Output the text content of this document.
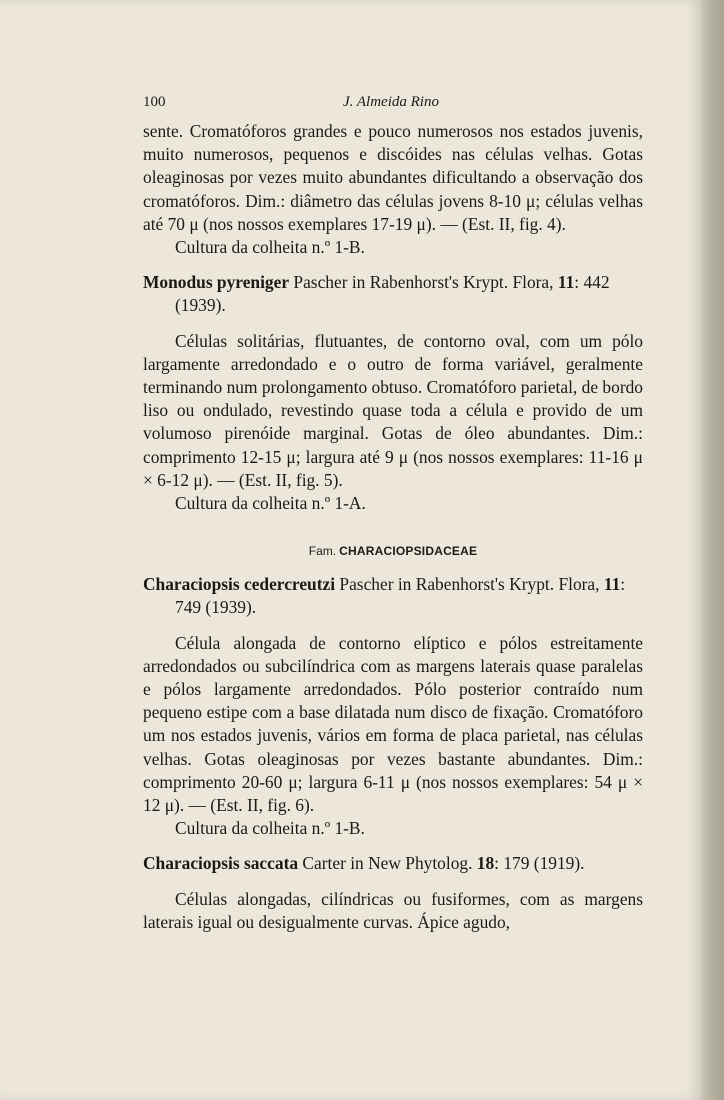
100	J. Almeida Rino

sente. Cromatóforos grandes e pouco numerosos nos estados juvenis, muito numerosos, pequenos e discóides nas células velhas. Gotas oleaginosas por vezes muito abundantes dificultando a observação dos cromatóforos. Dim.: diâmetro das células jovens 8-10 μ; células velhas até 70 μ (nos nossos exemplares 17-19 μ). — (Est. II, fig. 4).

Cultura da colheita n.º 1-B.

Monodus pyreniger Pascher in Rabenhorst's Krypt. Flora, 11: 442 (1939).

Células solitárias, flutuantes, de contorno oval, com um pólo largamente arredondado e o outro de forma variável, geralmente terminando num prolongamento obtuso. Cromatóforo parietal, de bordo liso ou ondulado, revestindo quase toda a célula e provido de um volumoso pirenóide marginal. Gotas de óleo abundantes. Dim.: comprimento 12-15 μ; largura até 9 μ (nos nossos exemplares: 11-16 μ × 6-12 μ). — (Est. II, fig. 5).

Cultura da colheita n.º 1-A.

Fam. CHARACIOPSIDACEAE

Characiopsis cedercreutzi Pascher in Rabenhorst's Krypt. Flora, 11: 749 (1939).

Célula alongada de contorno elíptico e pólos estreitamente arredondados ou subcilíndrica com as margens laterais quase paralelas e pólos largamente arredondados. Pólo posterior contraído num pequeno estipe com a base dilatada num disco de fixação. Cromatóforo um nos estados juvenis, vários em forma de placa parietal, nas células velhas. Gotas oleaginosas por vezes bastante abundantes. Dim.: comprimento 20-60 μ; largura 6-11 μ (nos nossos exemplares: 54 μ × 12 μ). — (Est. II, fig. 6).

Cultura da colheita n.º 1-B.

Characiopsis saccata Carter in New Phytolog. 18: 179 (1919).

Células alongadas, cilíndricas ou fusiformes, com as margens laterais igual ou desigualmente curvas. Ápice agudo,
